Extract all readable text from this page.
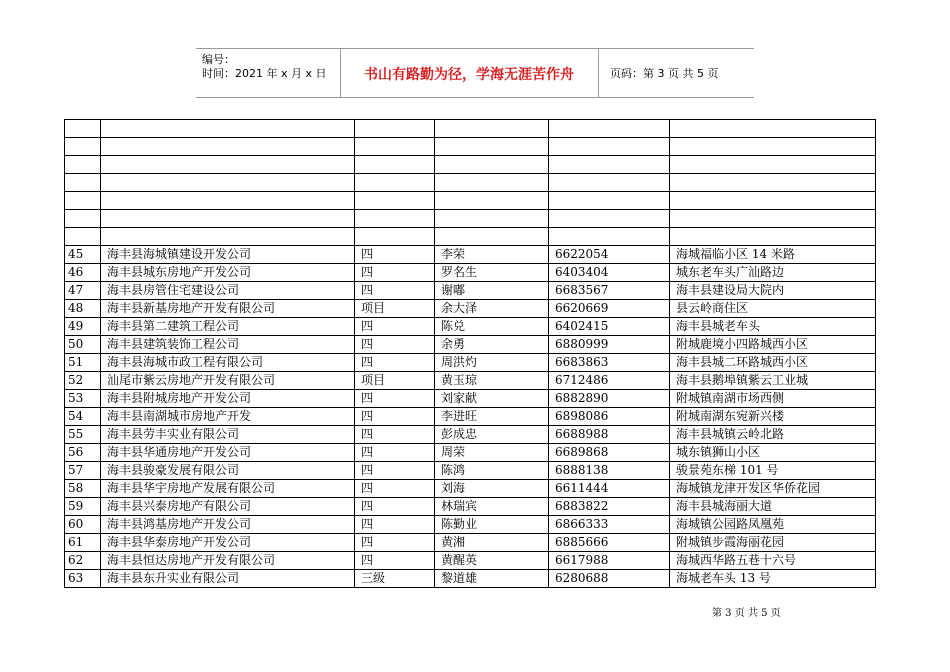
编号：
时间：2021 年 x 月 x 日	书山有路勤为径，学海无涯苦作舟	页码：第 3 页 共 5 页

45	海丰县海城镇建设开发公司	四	李荣	6622054	海城福临小区 14 米路
46	海丰县城东房地产开发公司	四	罗名生	6403404	城东老车头广汕路边
47	海丰县房管住宅建设公司	四	谢嘟	6683567	海丰县建设局大院内
48	海丰县新基房地产开发有限公司	项目	余大泽	6620669	县云岭商住区
49	海丰县第二建筑工程公司	四	陈兑	6402415	海丰县城老车头
50	海丰县建筑装饰工程公司	四	余勇	6880999	附城鹿境小四路城西小区
51	海丰县海城市政工程有限公司	四	周洪灼	6683863	海丰县城二环路城西小区
52	汕尾市紫云房地产开发有限公司	项目	黄玉琼	6712486	海丰县鹅埠镇紫云工业城
53	海丰县附城房地产开发公司	四	刘家献	6882890	附城镇南湖市场西侧
54	海丰县南湖城市房地产开发	四	李进旺	6898086	附城南湖东宛新兴楼
55	海丰县劳丰实业有限公司	四	彭成忠	6688988	海丰县城镇云岭北路
56	海丰县华通房地产开发公司	四	周荣	6689868	城东镇狮山小区
57	海丰县骏豪发展有限公司	四	陈鸿	6888138	骏景苑东梯 101 号
58	海丰县华宇房地产发展有限公司	四	刘海	6611444	海城镇龙津开发区华侨花园
59	海丰县兴泰房地产有限公司	四	林瑞宾	6883822	海丰县城海丽大道
60	海丰县鸿基房地产开发公司	四	陈勤业	6866333	海城镇公园路凤凰苑
61	海丰县华泰房地产开发公司	四	黄湘	6885666	附城镇步霞海丽花园
62	海丰县恒达房地产开发有限公司	四	黄醒英	6617988	海城西华路五巷十六号
63	海丰县东升实业有限公司	三级	黎道雄	6280688	海城老车头 13 号
第 3 页 共 5 页
